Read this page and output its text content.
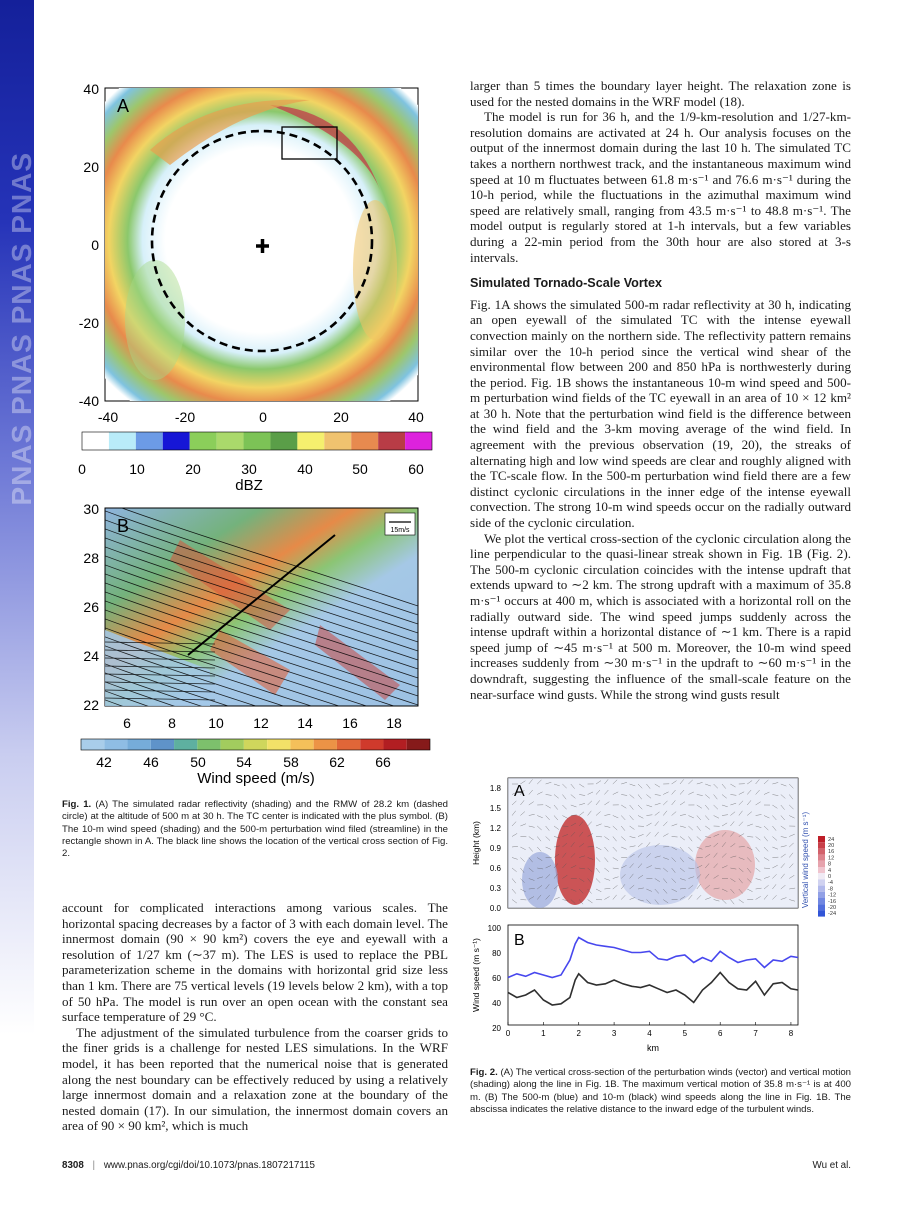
PNAS PNAS PNAS PNAS
A
40
20
0
-20
-40
-40	-20	0	20	40
0	10	20	30	40	50	60
dBZ
15m/s
B
30
28
26
24
22
6	8 10 12 14 16 18
42 46 50 54 58 62 66
Wind speed (m/s)
Fig. 1. (A) The simulated radar reflectivity (shading) and the RMW of 28.2 km (dashed circle) at the altitude of 500 m at 30 h. The TC center is indicated with the plus symbol. (B) The 10-m wind speed (shading) and the 500-m perturbation wind filed (streamline) in the rectangle shown in A. The black line shows the location of the vertical cross section of Fig. 2.

account for complicated interactions among various scales. The horizontal spacing decreases by a factor of 3 with each domain level. The innermost domain (90 × 90 km²) covers the eye and eyewall with a resolution of 1/27 km (∼37 m). The LES is used to replace the PBL parameterization scheme in the domains with horizontal grid size less than 1 km. There are 75 vertical levels (19 levels below 2 km), with a top of 50 hPa. The model is run over an open ocean with the constant sea surface temperature of 29 °C.

The adjustment of the simulated turbulence from the coarser grids to the finer grids is a challenge for nested LES simulations. In the WRF model, it has been reported that the numerical noise that is generated along the nest boundary can be effectively reduced by using a relatively large innermost domain and a relaxation zone at the boundary of the nested domain (17). In our simulation, the innermost domain covers an area of 90 × 90 km², which is much

larger than 5 times the boundary layer height. The relaxation zone is used for the nested domains in the WRF model (18).

The model is run for 36 h, and the 1/9-km-resolution and 1/27-km-resolution domains are activated at 24 h. Our analysis focuses on the output of the innermost domain during the last 10 h. The simulated TC takes a northern northwest track, and the instantaneous maximum wind speed at 10 m fluctuates between 61.8 m·s⁻¹ and 76.6 m·s⁻¹ during the 10-h period, while the fluctuations in the azimuthal maximum wind speed are relatively small, ranging from 43.5 m·s⁻¹ to 48.8 m·s⁻¹. The model output is regularly stored at 1-h intervals, but a few variables during a 22-min period from the 30th hour are also stored at 3-s intervals.

Simulated Tornado-Scale Vortex

Fig. 1A shows the simulated 500-m radar reflectivity at 30 h, indicating an open eyewall of the simulated TC with the intense eyewall convection mainly on the northern side. The reflectivity pattern remains similar over the 10-h period since the vertical wind shear of the environmental flow between 200 and 850 hPa is northwesterly during the period. Fig. 1B shows the instantaneous 10-m wind speed and 500-m perturbation wind fields of the TC eyewall in an area of 10 × 12 km² at 30 h. Note that the perturbation wind field is the difference between the wind field and the 3-km moving average of the wind field. In agreement with the previous observation (19, 20), the streaks of alternating high and low wind speeds are clear and roughly aligned with the TC-scale flow. In the 500-m perturbation wind field there are a few distinct cyclonic circulations in the inner edge of the intense eyewall convection. The strong 10-m wind speeds occur on the radially outward side of the cyclonic circulation.

We plot the vertical cross-section of the cyclonic circulation along the line perpendicular to the quasi-linear streak shown in Fig. 1B (Fig. 2). The 500-m cyclonic circulation coincides with the intense updraft that extends upward to ∼2 km. The strong updraft with a maximum of 35.8 m·s⁻¹ occurs at 400 m, which is associated with a horizontal roll on the radially outward side. The wind speed jumps suddenly across the intense updraft within a horizontal distance of ∼1 km. There is a rapid speed jump of ∼45 m·s⁻¹ at 500 m. Moreover, the 10-m wind speed increases suddenly from ∼30 m·s⁻¹ in the updraft to ∼60 m·s⁻¹ in the downdraft, suggesting the influence of the small-scale feature on the near-surface wind gusts. While the strong wind gusts result

A
1.8
1.5
1.2
0.9
0.6
0.3
0.0
Height (km)	Vertical wind speed (m s⁻¹)	24
20
16
12
8
4
0
-4
-8
-12
-16
-20
-24
B
100
80
60
40
20
0	1	2	3	4	5	6	7	8
km
Wind speed (m s⁻¹)
Fig. 2. (A) The vertical cross-section of the perturbation winds (vector) and vertical motion (shading) along the line in Fig. 1B. The maximum vertical motion of 35.8 m·s⁻¹ is at 400 m. (B) The 500-m (blue) and 10-m (black) wind speeds along the line in Fig. 1B. The abscissa indicates the relative distance to the inward edge of the turbulent winds.
8308 | www.pnas.org/cgi/doi/10.1073/pnas.1807217115	Wu et al.
